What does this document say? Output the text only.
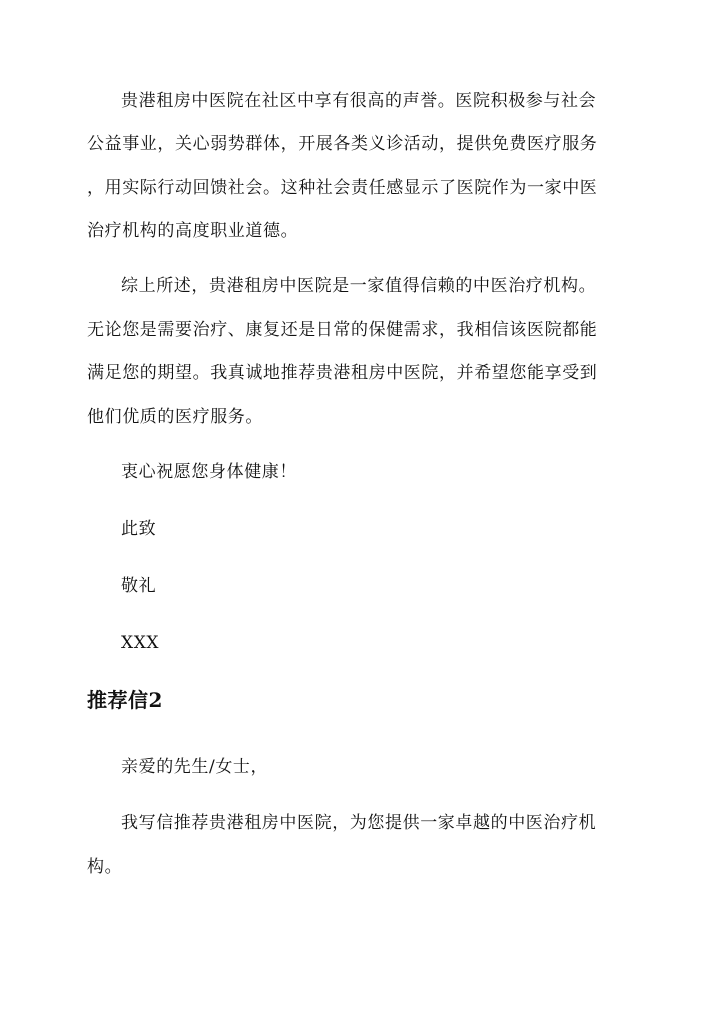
贵港租房中医院在社区中享有很高的声誉。医院积极参与社会
公益事业，关心弱势群体，开展各类义诊活动，提供免费医疗服务
，用实际行动回馈社会。这种社会责任感显示了医院作为一家中医
治疗机构的高度职业道德。
综上所述，贵港租房中医院是一家值得信赖的中医治疗机构。
无论您是需要治疗、康复还是日常的保健需求，我相信该医院都能
满足您的期望。我真诚地推荐贵港租房中医院，并希望您能享受到
他们优质的医疗服务。
衷心祝愿您身体健康！
此致
敬礼
XXX
推荐信2
亲爱的先生/女士，
我写信推荐贵港租房中医院，为您提供一家卓越的中医治疗机
构。
